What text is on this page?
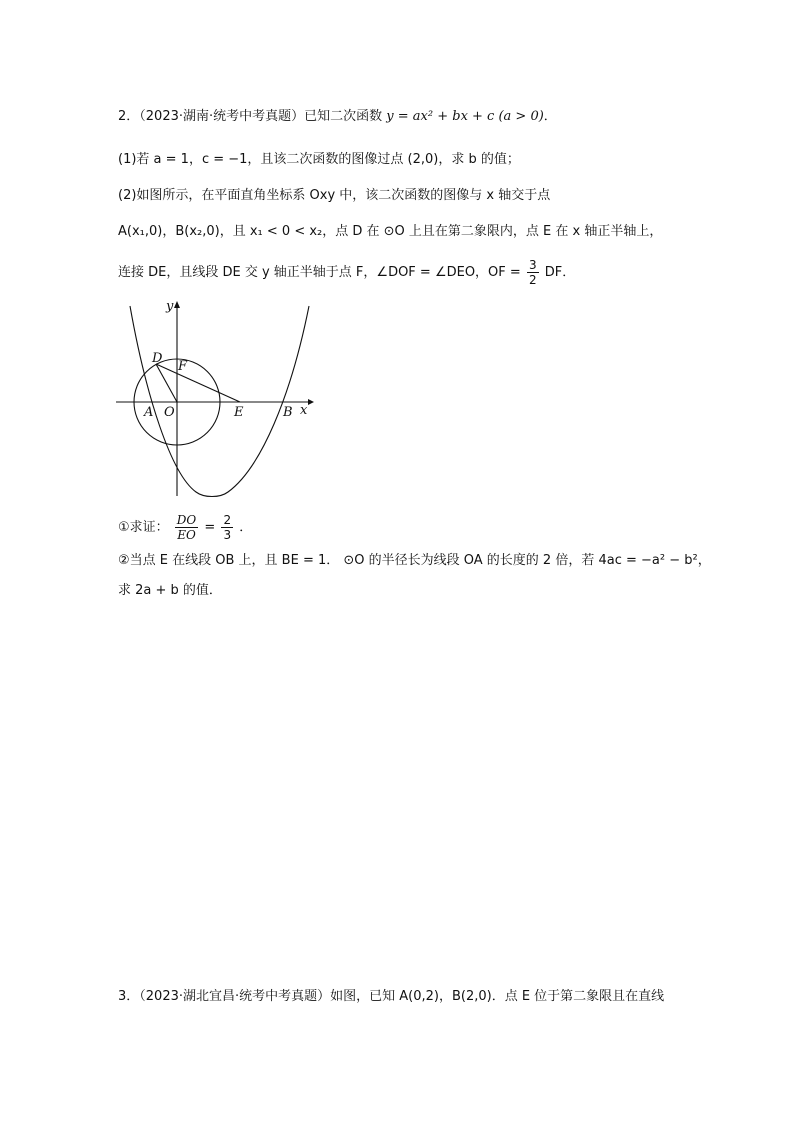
2．（2023·湖南·统考中考真题）已知二次函数 y = ax² + bx + c (a > 0)．
(1)若 a = 1，c = −1，且该二次函数的图像过点 (2,0)，求 b 的值；
(2)如图所示，在平面直角坐标系 Oxy 中，该二次函数的图像与 x 轴交于点
A(x₁,0)，B(x₂,0)，且 x₁ < 0 < x₂，点 D 在 ⊙O 上且在第二象限内，点 E 在 x 轴正半轴上，
连接 DE，且线段 DE 交 y 轴正半轴于点 F，∠DOF = ∠DEO，OF = $\frac{3}{2}$ DF．
y
x
D
F
A O	E	B
①求证： $\frac{DO}{EO} = \frac{2}{3}$ ．
②当点 E 在线段 OB 上，且 BE = 1． ⊙O 的半径长为线段 OA 的长度的 2 倍，若 4ac = −a² − b²，
求 2a + b 的值．
3．（2023·湖北宜昌·统考中考真题）如图，已知 A(0,2)，B(2,0)．点 E 位于第二象限且在直线
